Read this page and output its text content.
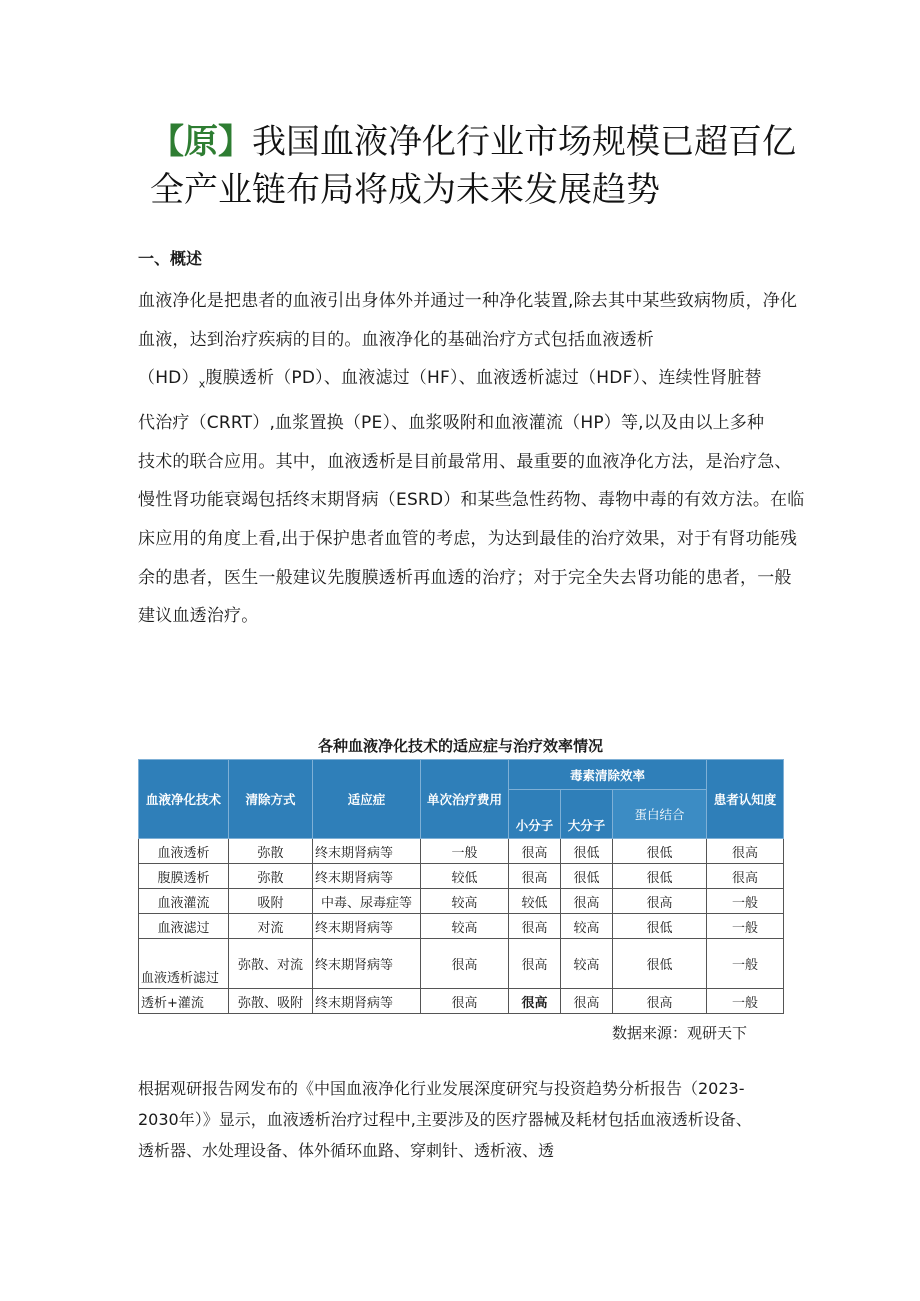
【原】我国血液净化行业市场规模已超百亿全产业链布局将成为未来发展趋势
一、概述
血液净化是把患者的血液引出身体外并通过一种净化装置,除去其中某些致病物质，净化
血液，达到治疗疾病的目的。血液净化的基础治疗方式包括血液透析
$(HD)_x$腹膜透析（PD）、血液滤过（HF）、血液透析滤过（HDF）、连续性肾脏替
代治疗（CRRT）,血浆置换（PE）、血浆吸附和血液灌流（HP）等,以及由以上多种
技术的联合应用。其中，血液透析是目前最常用、最重要的血液净化方法，是治疗急、
慢性肾功能衰竭包括终末期肾病（ESRD）和某些急性药物、毒物中毒的有效方法。在临
床应用的角度上看,出于保护患者血管的考虑，为达到最佳的治疗效果，对于有肾功能残
余的患者，医生一般建议先腹膜透析再血透的治疗；对于完全失去肾功能的患者，一般
建议血透治疗。

各种血液净化技术的适应症与治疗效率情况

血液净化技术	清除方式	适应症	单次治疗费用	毒素清除效率			患者认知度
				小分子	大分子	蛋白结合	

血液透析	弥散	终末期肾病等	一般	很高	很低	很低	很高
腹膜透析	弥散	终末期肾病等	较低	很高	很低	很低	很高
血液灌流	吸附	中毒、尿毒症等	较高	较低	很高	很高	一般
血液滤过	对流	终末期肾病等	较高	很高	较高	很低	一般
血液透析滤过	弥散、对流	终末期肾病等	很高	很高	较高	很低	一般
透析+灌流	弥散、吸附	终末期肾病等	很高	很高	很高	很高	一般

数据来源：观研天下

根据观研报告网发布的《中国血液净化行业发展深度研究与投资趋势分析报告（2023-
2030年）》显示，血液透析治疗过程中,主要涉及的医疗器械及耗材包括血液透析设备、
透析器、水处理设备、体外循环血路、穿刺针、透析液、透
